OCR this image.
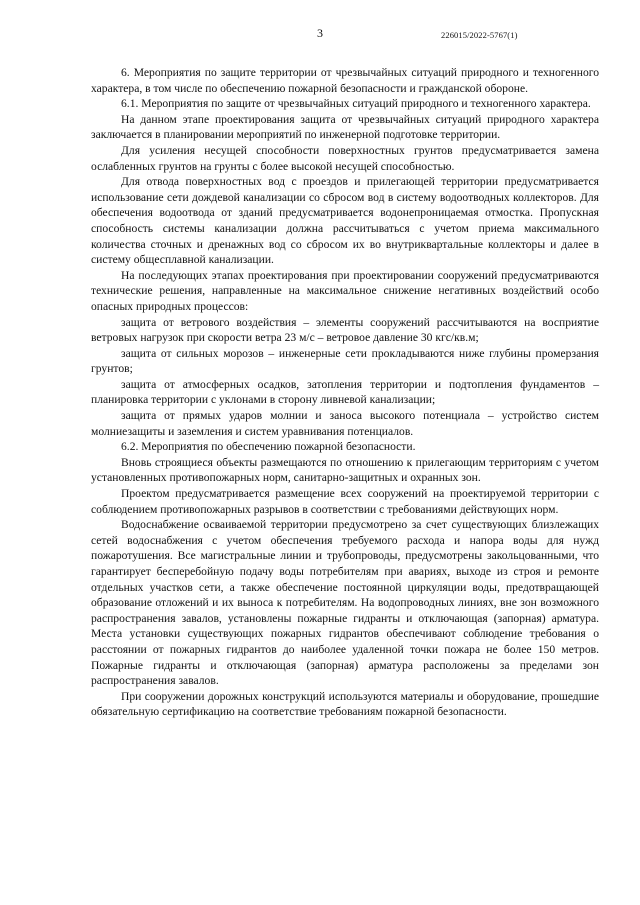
3	226015/2022-5767(1)

6. Мероприятия по защите территории от чрезвычайных ситуаций природного и техногенного характера, в том числе по обеспечению пожарной безопасности и гражданской обороне.

6.1. Мероприятия по защите от чрезвычайных ситуаций природного и техногенного характера.

На данном этапе проектирования защита от чрезвычайных ситуаций природного характера заключается в планировании мероприятий по инженерной подготовке территории.

Для усиления несущей способности поверхностных грунтов предусматривается замена ослабленных грунтов на грунты с более высокой несущей способностью.

Для отвода поверхностных вод с проездов и прилегающей территории предусматривается использование сети дождевой канализации со сбросом вод в систему водоотводных коллекторов. Для обеспечения водоотвода от зданий предусматривается водонепроницаемая отмостка. Пропускная способность системы канализации должна рассчитываться с учетом приема максимального количества сточных и дренажных вод со сбросом их во внутриквартальные коллекторы и далее в систему общесплавной канализации.

На последующих этапах проектирования при проектировании сооружений предусматриваются технические решения, направленные на максимальное снижение негативных воздействий особо опасных природных процессов:

защита от ветрового воздействия – элементы сооружений рассчитываются на восприятие ветровых нагрузок при скорости ветра 23 м/с – ветровое давление 30 кгс/кв.м;

защита от сильных морозов – инженерные сети прокладываются ниже глубины промерзания грунтов;

защита от атмосферных осадков, затопления территории и подтопления фундаментов – планировка территории с уклонами в сторону ливневой канализации;

защита от прямых ударов молнии и заноса высокого потенциала – устройство систем молниезащиты и заземления и систем уравнивания потенциалов.

6.2. Мероприятия по обеспечению пожарной безопасности.

Вновь строящиеся объекты размещаются по отношению к прилегающим территориям с учетом установленных противопожарных норм, санитарно-защитных и охранных зон.

Проектом предусматривается размещение всех сооружений на проектируемой территории с соблюдением противопожарных разрывов в соответствии с требованиями действующих норм.

Водоснабжение осваиваемой территории предусмотрено за счет существующих близлежащих сетей водоснабжения с учетом обеспечения требуемого расхода и напора воды для нужд пожаротушения. Все магистральные линии и трубопроводы, предусмотрены закольцованными, что гарантирует бесперебойную подачу воды потребителям при авариях, выходе из строя и ремонте отдельных участков сети, а также обеспечение постоянной циркуляции воды, предотвращающей образование отложений и их выноса к потребителям. На водопроводных линиях, вне зон возможного распространения завалов, установлены пожарные гидранты и отключающая (запорная) арматура. Места установки существующих пожарных гидрантов обеспечивают соблюдение требования о расстоянии от пожарных гидрантов до наиболее удаленной точки пожара не более 150 метров. Пожарные гидранты и отключающая (запорная) арматура расположены за пределами зон распространения завалов.

При сооружении дорожных конструкций используются материалы и оборудование, прошедшие обязательную сертификацию на соответствие требованиям пожарной безопасности.
